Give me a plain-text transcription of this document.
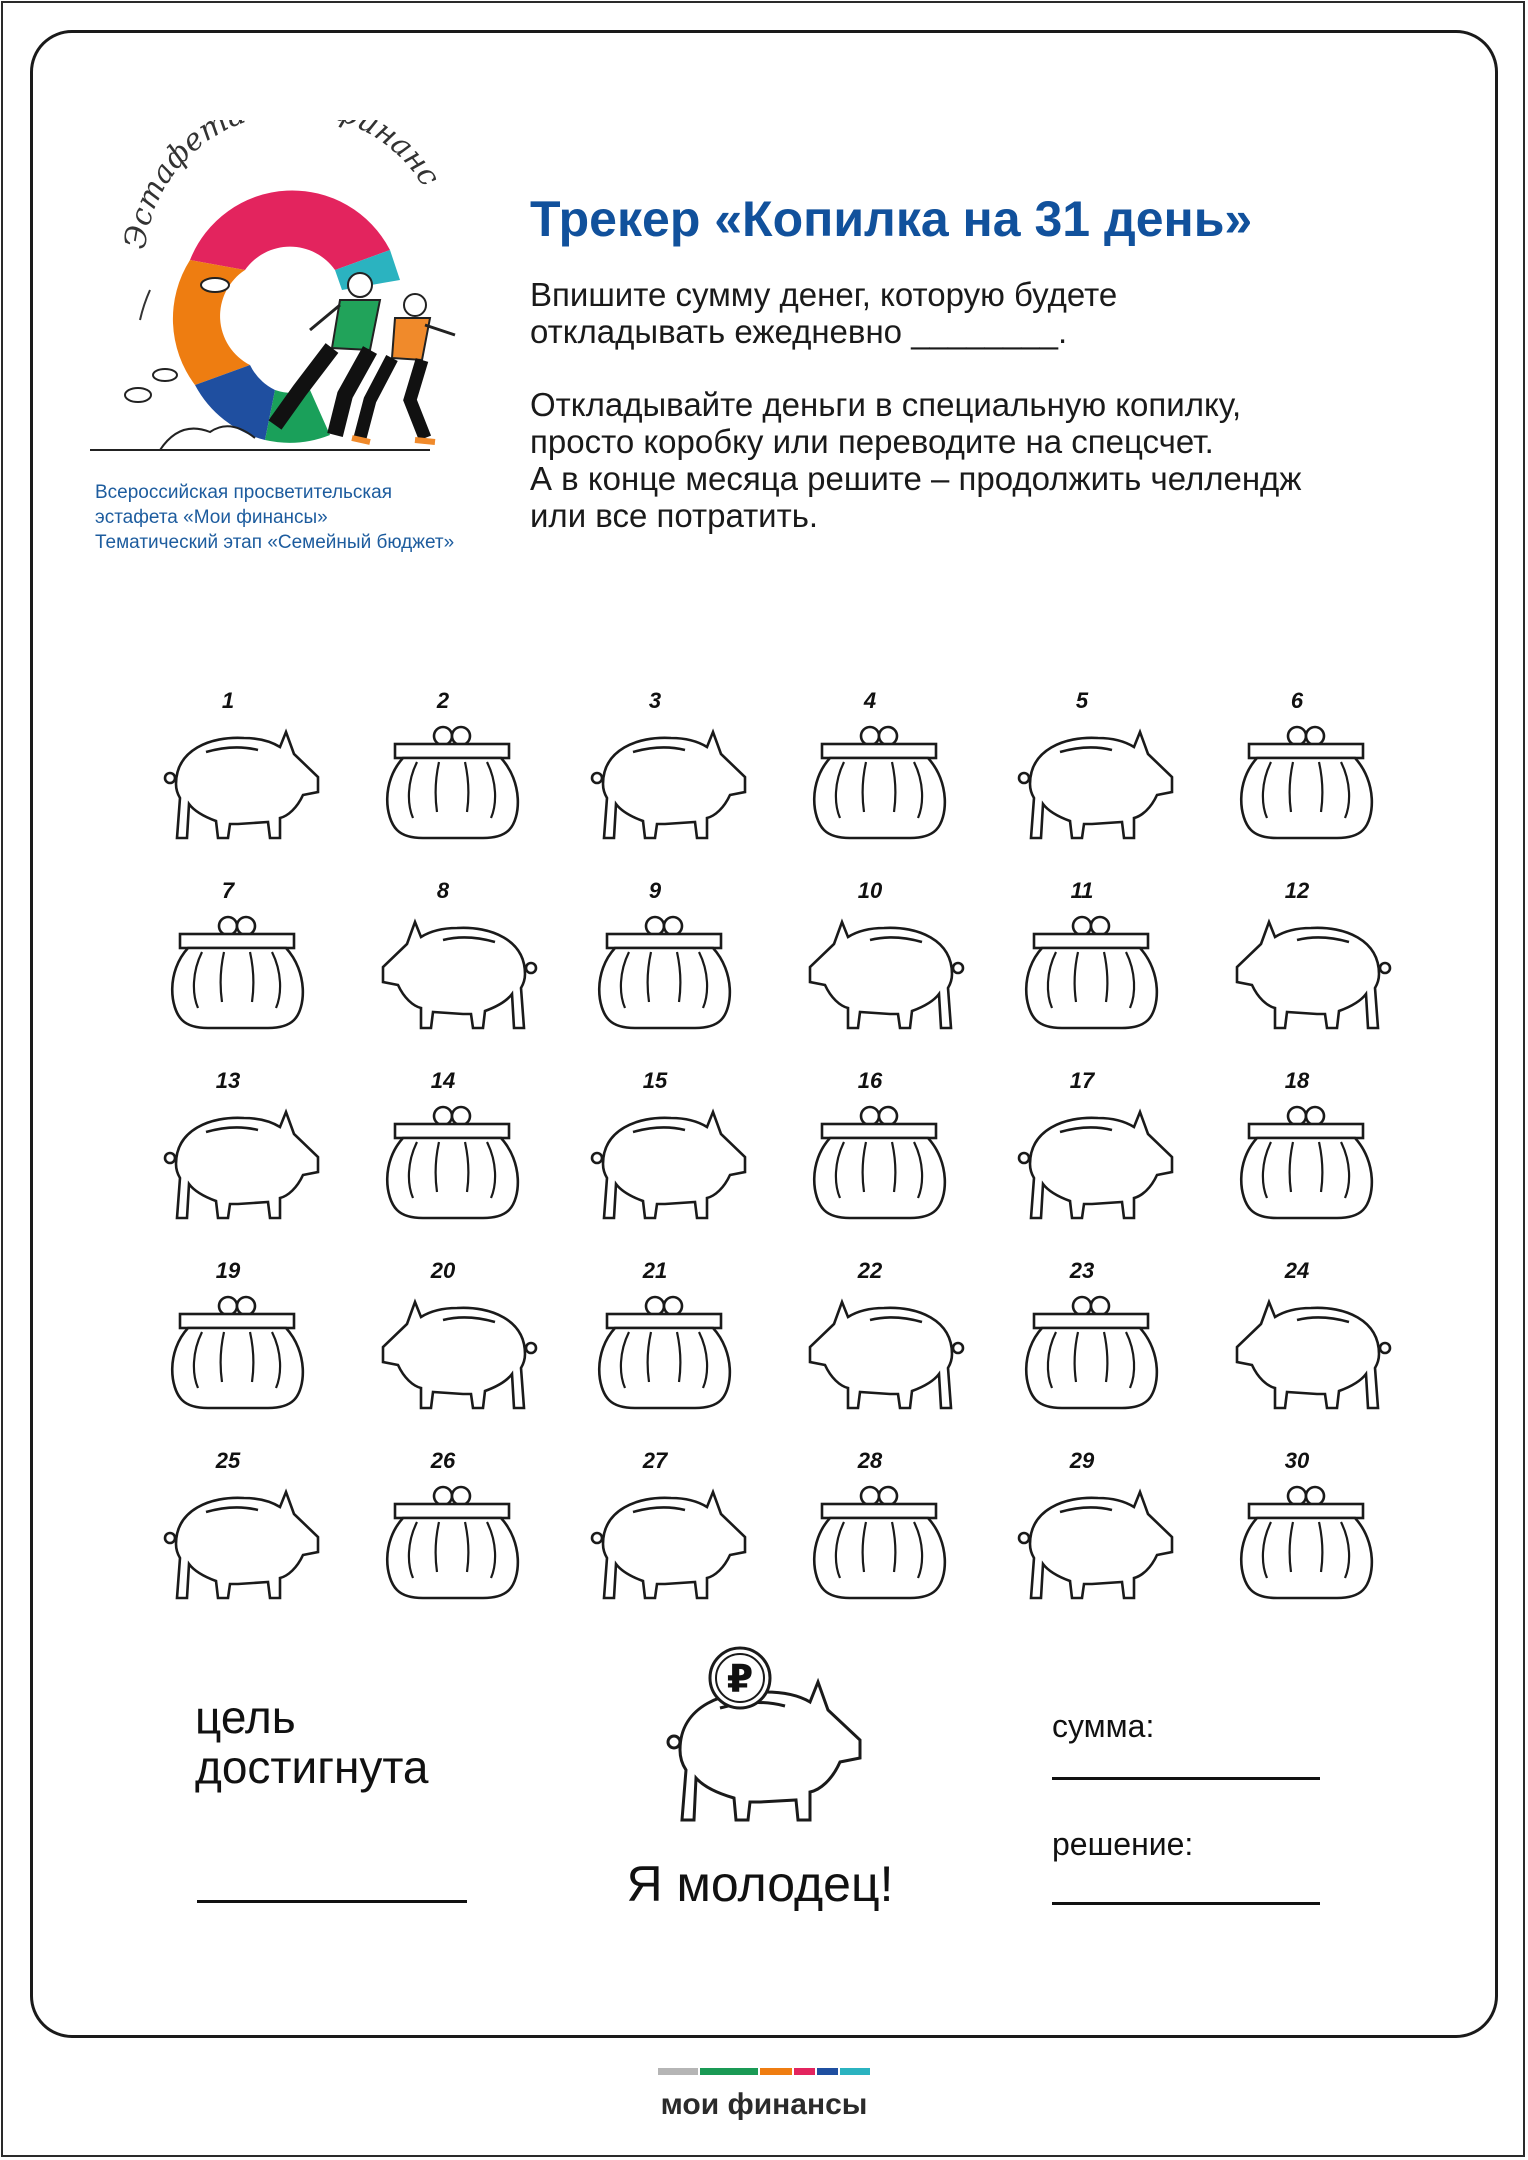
Эстафет инанс
Всероссийская просветительская
эстафета «Мои финансы»
Тематический этап «Семейный бюджет»
Трекер «Копилка на 31 день»
Впишите сумму денег, которую будете
откладывать ежедневно ________.
Откладывайте деньги в специальную копилку,
просто коробку или переводите на спецсчет.
А в конце месяца решите – продолжить челлендж
или все потратить.
1	2	3	4	5	6
7	8	9	10	11	12
13	14	15	16	17	18
19	20	21	22	23	24
25	26	27	28	29	30
цель
достигнута
₽
Я молодец!
сумма:
решение:
мои финансы
